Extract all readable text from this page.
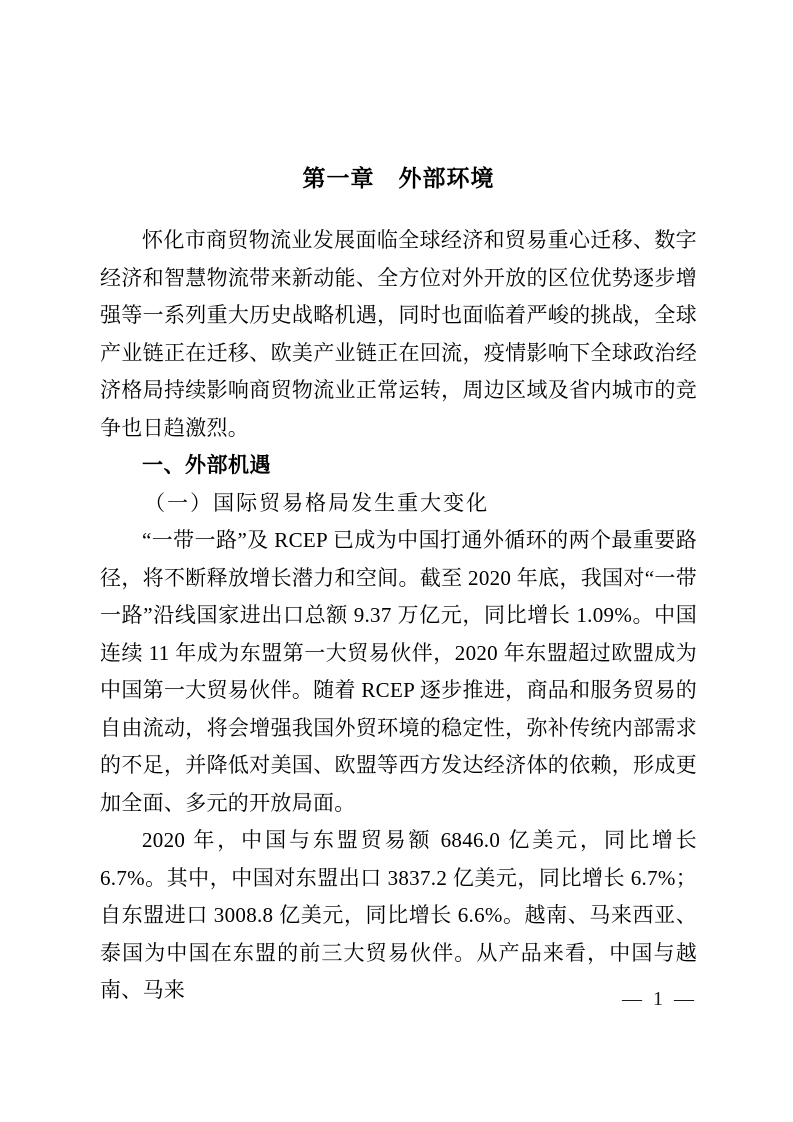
第一章　外部环境

怀化市商贸物流业发展面临全球经济和贸易重心迁移、数字经济和智慧物流带来新动能、全方位对外开放的区位优势逐步增强等一系列重大历史战略机遇，同时也面临着严峻的挑战，全球产业链正在迁移、欧美产业链正在回流，疫情影响下全球政治经济格局持续影响商贸物流业正常运转，周边区域及省内城市的竞争也日趋激烈。

一、外部机遇
（一）国际贸易格局发生重大变化

“一带一路”及 RCEP 已成为中国打通外循环的两个最重要路径，将不断释放增长潜力和空间。截至 2020 年底，我国对“一带一路”沿线国家进出口总额 9.37 万亿元，同比增长 1.09%。中国连续 11 年成为东盟第一大贸易伙伴，2020 年东盟超过欧盟成为中国第一大贸易伙伴。随着 RCEP 逐步推进，商品和服务贸易的自由流动，将会增强我国外贸环境的稳定性，弥补传统内部需求的不足，并降低对美国、欧盟等西方发达经济体的依赖，形成更加全面、多元的开放局面。

2020 年，中国与东盟贸易额 6846.0 亿美元，同比增长 6.7%。其中，中国对东盟出口 3837.2 亿美元，同比增长 6.7%；自东盟进口 3008.8 亿美元，同比增长 6.6%。越南、马来西亚、泰国为中国在东盟的前三大贸易伙伴。从产品来看，中国与越南、马来	— 1 —
